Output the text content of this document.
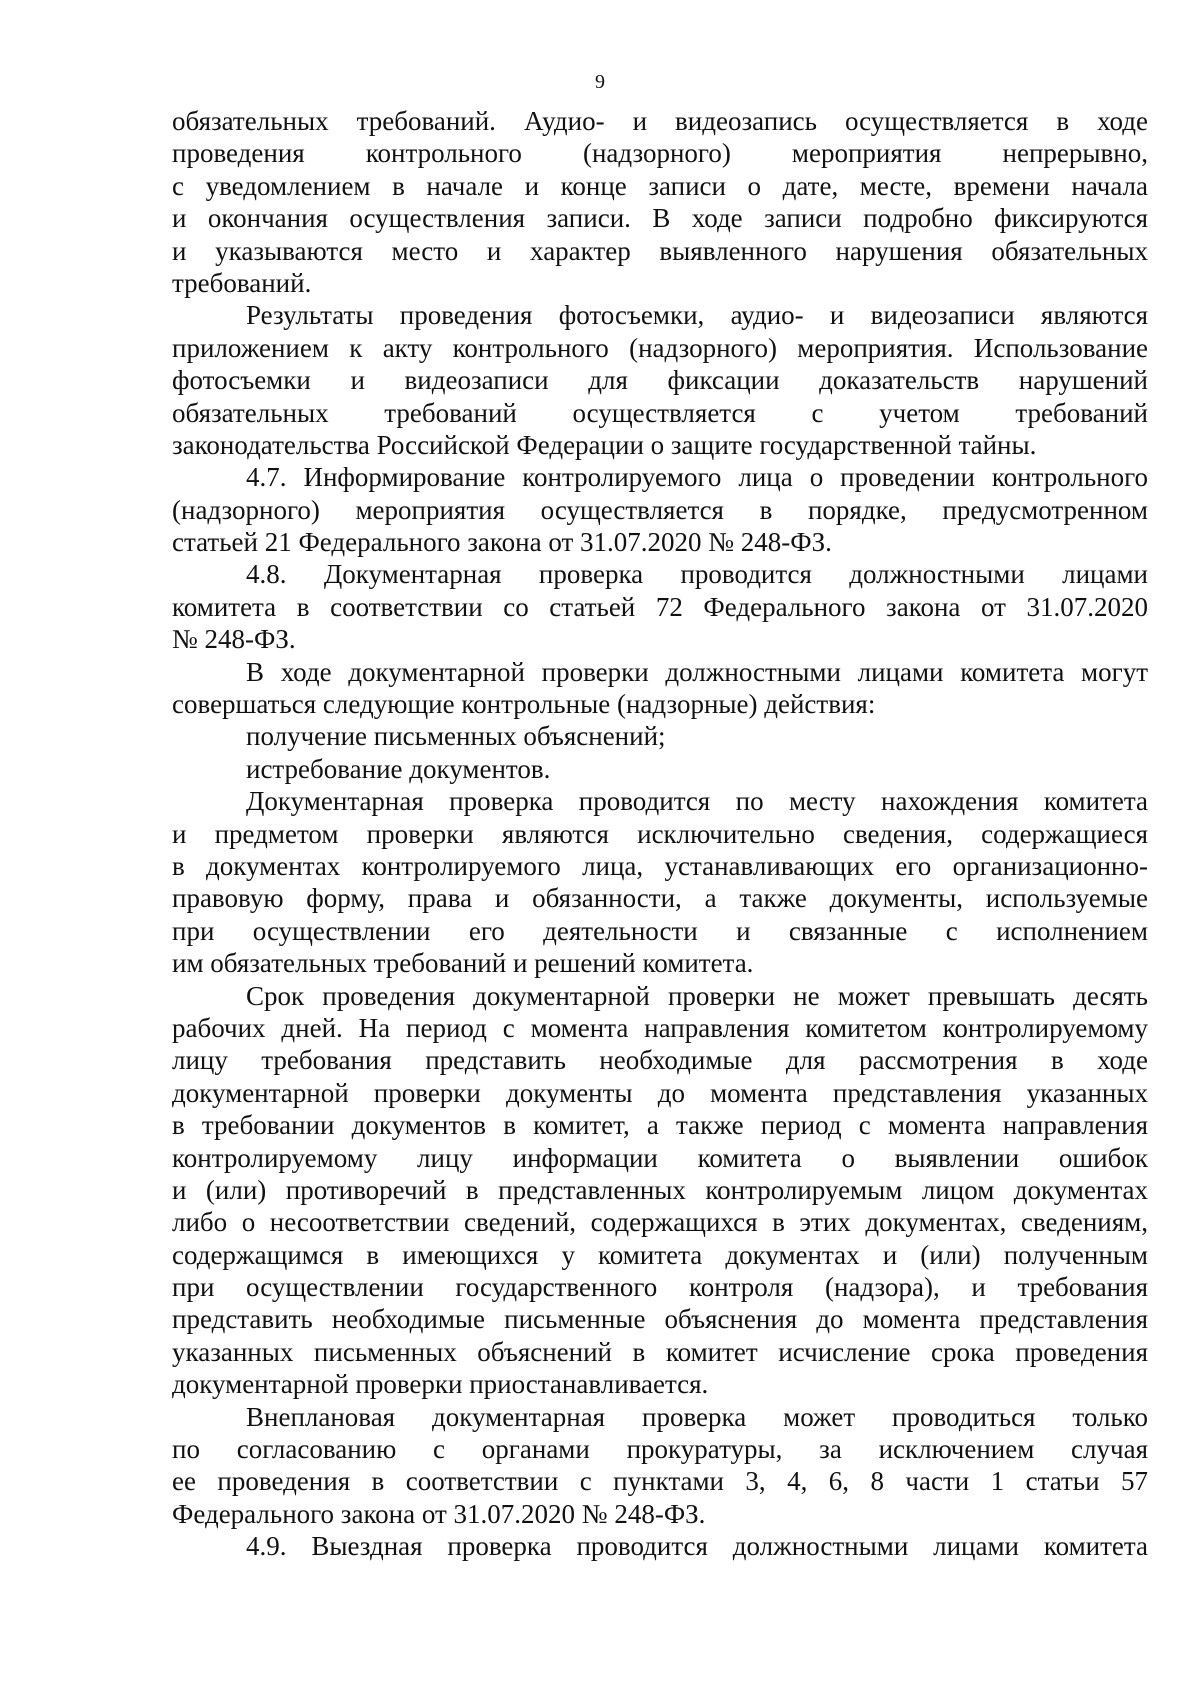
9
обязательных требований. Аудио- и видеозапись осуществляется в ходе
проведения контрольного (надзорного) мероприятия непрерывно,
с уведомлением в начале и конце записи о дате, месте, времени начала
и окончания осуществления записи. В ходе записи подробно фиксируются
и указываются место и характер выявленного нарушения обязательных
требований.
Результаты проведения фотосъемки, аудио- и видеозаписи являются
приложением к акту контрольного (надзорного) мероприятия. Использование
фотосъемки и видеозаписи для фиксации доказательств нарушений
обязательных требований осуществляется с учетом требований
законодательства Российской Федерации о защите государственной тайны.
4.7. Информирование контролируемого лица о проведении контрольного
(надзорного) мероприятия осуществляется в порядке, предусмотренном
статьей 21 Федерального закона от 31.07.2020 № 248-ФЗ.
4.8. Документарная проверка проводится должностными лицами
комитета в соответствии со статьей 72 Федерального закона от 31.07.2020
№ 248-ФЗ.
В ходе документарной проверки должностными лицами комитета могут
совершаться следующие контрольные (надзорные) действия:
получение письменных объяснений;
истребование документов.
Документарная проверка проводится по месту нахождения комитета
и предметом проверки являются исключительно сведения, содержащиеся
в документах контролируемого лица, устанавливающих его организационно-
правовую форму, права и обязанности, а также документы, используемые
при осуществлении его деятельности и связанные с исполнением
им обязательных требований и решений комитета.
Срок проведения документарной проверки не может превышать десять
рабочих дней. На период с момента направления комитетом контролируемому
лицу требования представить необходимые для рассмотрения в ходе
документарной проверки документы до момента представления указанных
в требовании документов в комитет, а также период с момента направления
контролируемому лицу информации комитета о выявлении ошибок
и (или) противоречий в представленных контролируемым лицом документах
либо о несоответствии сведений, содержащихся в этих документах, сведениям,
содержащимся в имеющихся у комитета документах и (или) полученным
при осуществлении государственного контроля (надзора), и требования
представить необходимые письменные объяснения до момента представления
указанных письменных объяснений в комитет исчисление срока проведения
документарной проверки приостанавливается.
Внеплановая документарная проверка может проводиться только
по согласованию с органами прокуратуры, за исключением случая
ее проведения в соответствии с пунктами 3, 4, 6, 8 части 1 статьи 57
Федерального закона от 31.07.2020 № 248-ФЗ.
4.9. Выездная проверка проводится должностными лицами комитета
